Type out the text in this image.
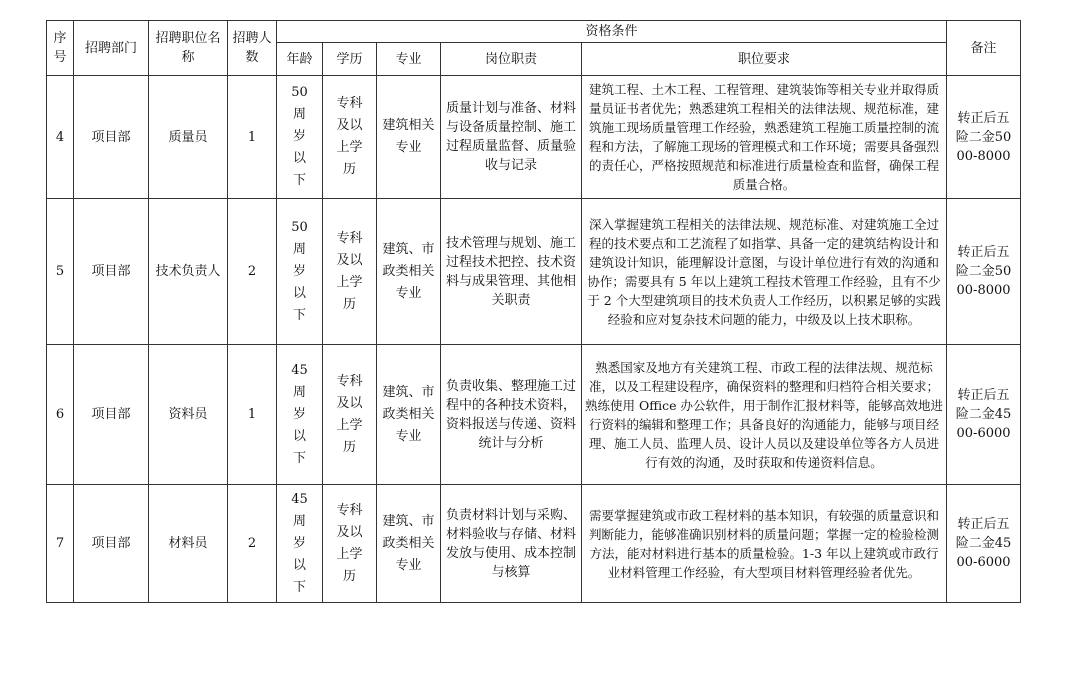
序号	招聘部门	招聘职位名称	招聘人数	资格条件					备注
				年龄	学历	专业	岗位职责	职位要求	
4	项目部	质量员	1	50周岁以下	专科及以上学历	建筑相关专业	质量计划与准备、材料与设备质量控制、施工过程质量监督、质量验收与记录	建筑工程、土木工程、工程管理、建筑装饰等相关专业并取得质量员证书者优先；熟悉建筑工程相关的法律法规、规范标准，建筑施工现场质量管理工作经验，熟悉建筑工程施工质量控制的流程和方法，了解施工现场的管理模式和工作环境；需要具备强烈的责任心，严格按照规范和标准进行质量检查和监督，确保工程质量合格。	转正后五险二金5000-8000

5	项目部	技术负责人	2	50周岁以下	专科及以上学历	建筑、市政类相关专业	技术管理与规划、施工过程技术把控、技术资料与成果管理、其他相关职责	深入掌握建筑工程相关的法律法规、规范标准、对建筑施工全过程的技术要点和工艺流程了如指掌、具备一定的建筑结构设计和建筑设计知识，能理解设计意图，与设计单位进行有效的沟通和协作；需要具有 5 年以上建筑工程技术管理工作经验，且有不少于 2 个大型建筑项目的技术负责人工作经历，以积累足够的实践经验和应对复杂技术问题的能力，中级及以上技术职称。	转正后五险二金5000-8000

6	项目部	资料员	1	45周岁以下	专科及以上学历	建筑、市政类相关专业	负责收集、整理施工过程中的各种技术资料，资料报送与传递、资料统计与分析	熟悉国家及地方有关建筑工程、市政工程的法律法规、规范标准，以及工程建设程序，确保资料的整理和归档符合相关要求；熟练使用 Office 办公软件，用于制作汇报材料等，能够高效地进行资料的编辑和整理工作；具备良好的沟通能力，能够与项目经理、施工人员、监理人员、设计人员以及建设单位等各方人员进行有效的沟通，及时获取和传递资料信息。	转正后五险二金4500-6000

7	项目部	材料员	2	45周岁以下	专科及以上学历	建筑、市政类相关专业	负责材料计划与采购、材料验收与存储、材料发放与使用、成本控制与核算	需要掌握建筑或市政工程材料的基本知识，有较强的质量意识和判断能力，能够准确识别材料的质量问题；掌握一定的检验检测方法，能对材料进行基本的质量检验。1-3 年以上建筑或市政行业材料管理工作经验，有大型项目材料管理经验者优先。	转正后五险二金4500-6000
